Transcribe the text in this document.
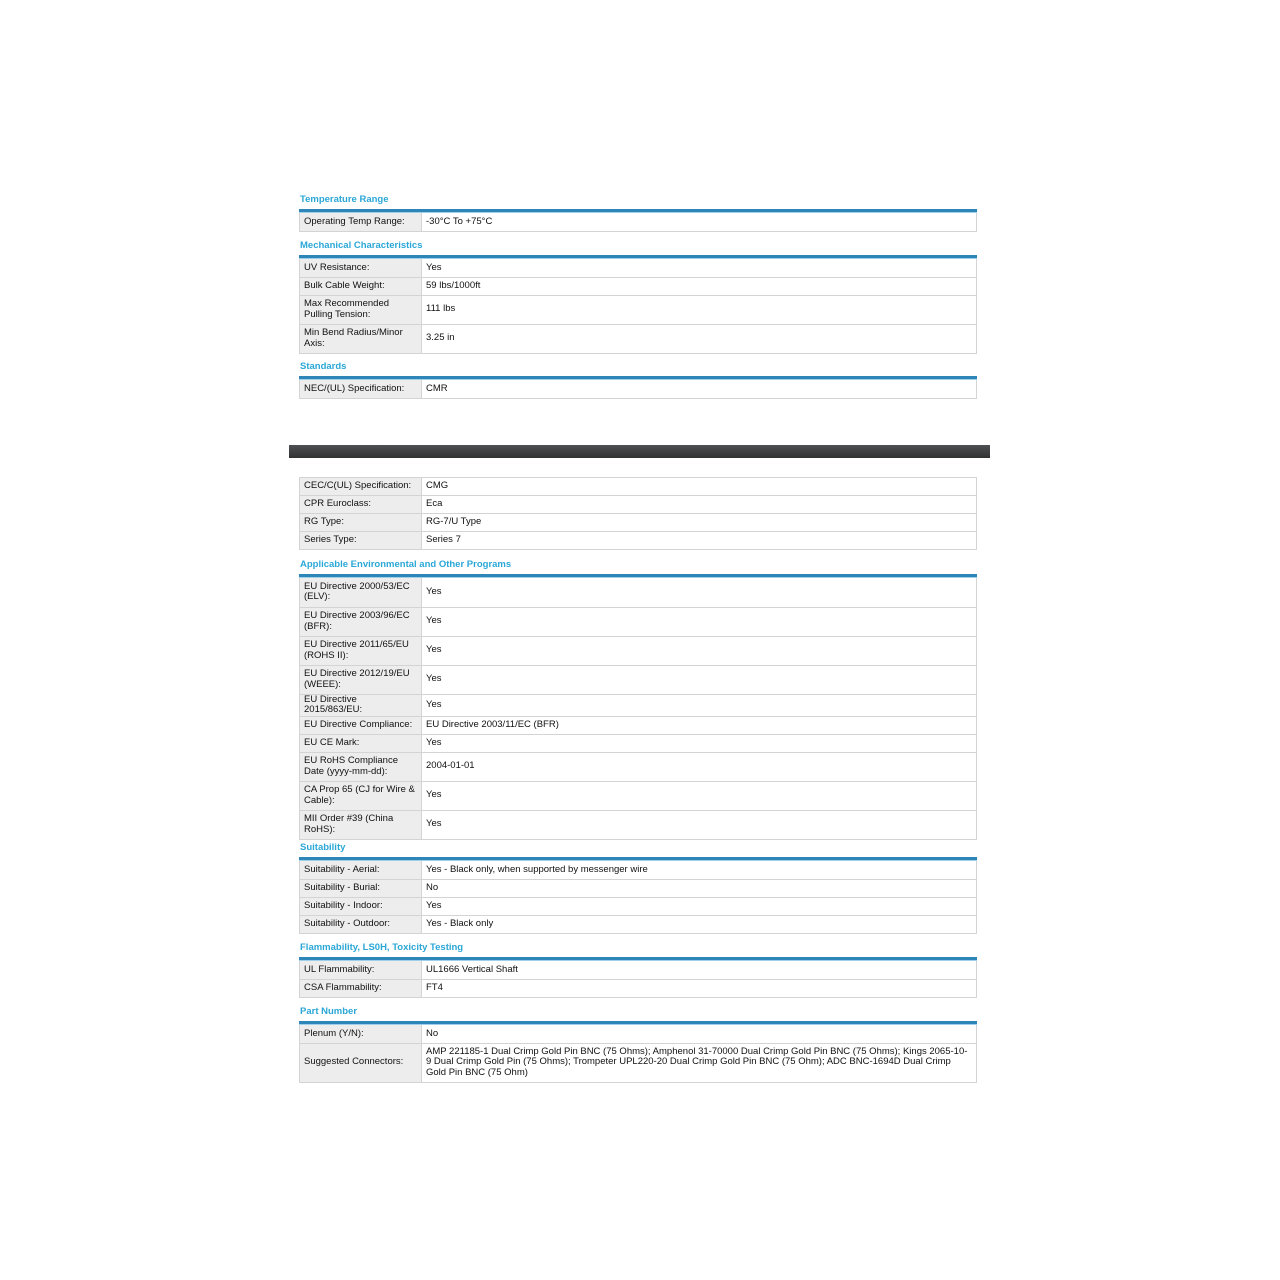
Temperature Range
Operating Temp Range:	-30°C To +75°C
Mechanical Characteristics
UV Resistance:	Yes
Bulk Cable Weight:	59 lbs/1000ft
Max Recommended Pulling Tension:	111 lbs
Min Bend Radius/Minor Axis:	3.25 in
Standards
NEC/(UL) Specification:	CMR
CEC/C(UL) Specification:	CMG
CPR Euroclass:	Eca
RG Type:	RG-7/U Type
Series Type:	Series 7
Applicable Environmental and Other Programs
EU Directive 2000/53/EC (ELV):	Yes
EU Directive 2003/96/EC (BFR):	Yes
EU Directive 2011/65/EU (ROHS II):	Yes
EU Directive 2012/19/EU (WEEE):	Yes
EU Directive 2015/863/EU:	Yes
EU Directive Compliance:	EU Directive 2003/11/EC (BFR)
EU CE Mark:	Yes
EU RoHS Compliance Date (yyyy-mm-dd):	2004-01-01
CA Prop 65 (CJ for Wire & Cable):	Yes
MII Order #39 (China RoHS):	Yes
Suitability
Suitability - Aerial:	Yes - Black only, when supported by messenger wire
Suitability - Burial:	No
Suitability - Indoor:	Yes
Suitability - Outdoor:	Yes - Black only
Flammability, LS0H, Toxicity Testing
UL Flammability:	UL1666 Vertical Shaft
CSA Flammability:	FT4
Part Number
Plenum (Y/N):	No
Suggested Connectors:	AMP 221185-1 Dual Crimp Gold Pin BNC (75 Ohms); Amphenol 31-70000 Dual Crimp Gold Pin BNC (75 Ohms); Kings 2065-10-9 Dual Crimp Gold Pin (75 Ohms); Trompeter UPL220-20 Dual Crimp Gold Pin BNC (75 Ohm); ADC BNC-1694D Dual Crimp Gold Pin BNC (75 Ohm)
